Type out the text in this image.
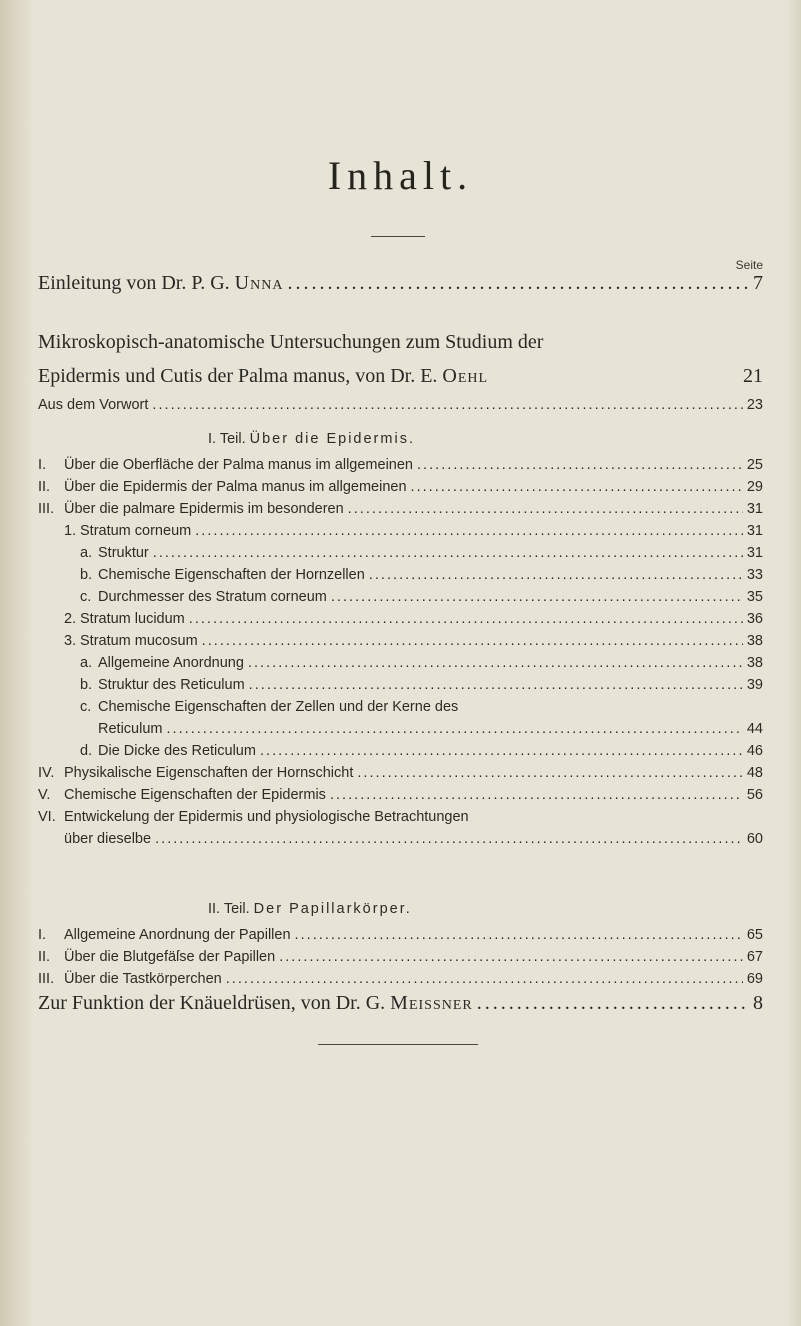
Inhalt.
Seite
Einleitung von Dr. P. G. Unna . . .	7
Mikroskopisch-anatomische Untersuchungen zum Studium der
Epidermis und Cutis der Palma manus, von Dr. E. Oehl	21
Aus dem Vorwort . . .	23
I. Teil. Über die Epidermis.
I. Über die Oberfläche der Palma manus im allgemeinen . . .	25
II. Über die Epidermis der Palma manus im allgemeinen . . .	29
III. Über die palmare Epidermis im besonderen . . .	31
1. Stratum corneum . . .	31
a. Struktur . . .	31
b. Chemische Eigenschaften der Hornzellen . . .	33
c. Durchmesser des Stratum corneum . . .	35
2. Stratum lucidum . . .	36
3. Stratum mucosum . . .	38
a. Allgemeine Anordnung . . .	38
b. Struktur des Reticulum . . .	39
c. Chemische Eigenschaften der Zellen und der Kerne des
Reticulum . . .	44
d. Die Dicke des Reticulum . . .	46
IV. Physikalische Eigenschaften der Hornschicht . . .	48
V. Chemische Eigenschaften der Epidermis . . .	56
VI. Entwickelung der Epidermis und physiologische Betrachtungen
über dieselbe . . .	60
II. Teil. Der Papillarkörper.
I. Allgemeine Anordnung der Papillen . . .	65
II. Über die Blutgefäſse der Papillen . . .	67
III. Über die Tastkörperchen . . .	69
Zur Funktion der Knäueldrüsen, von Dr. G. Meissner . . .	8
